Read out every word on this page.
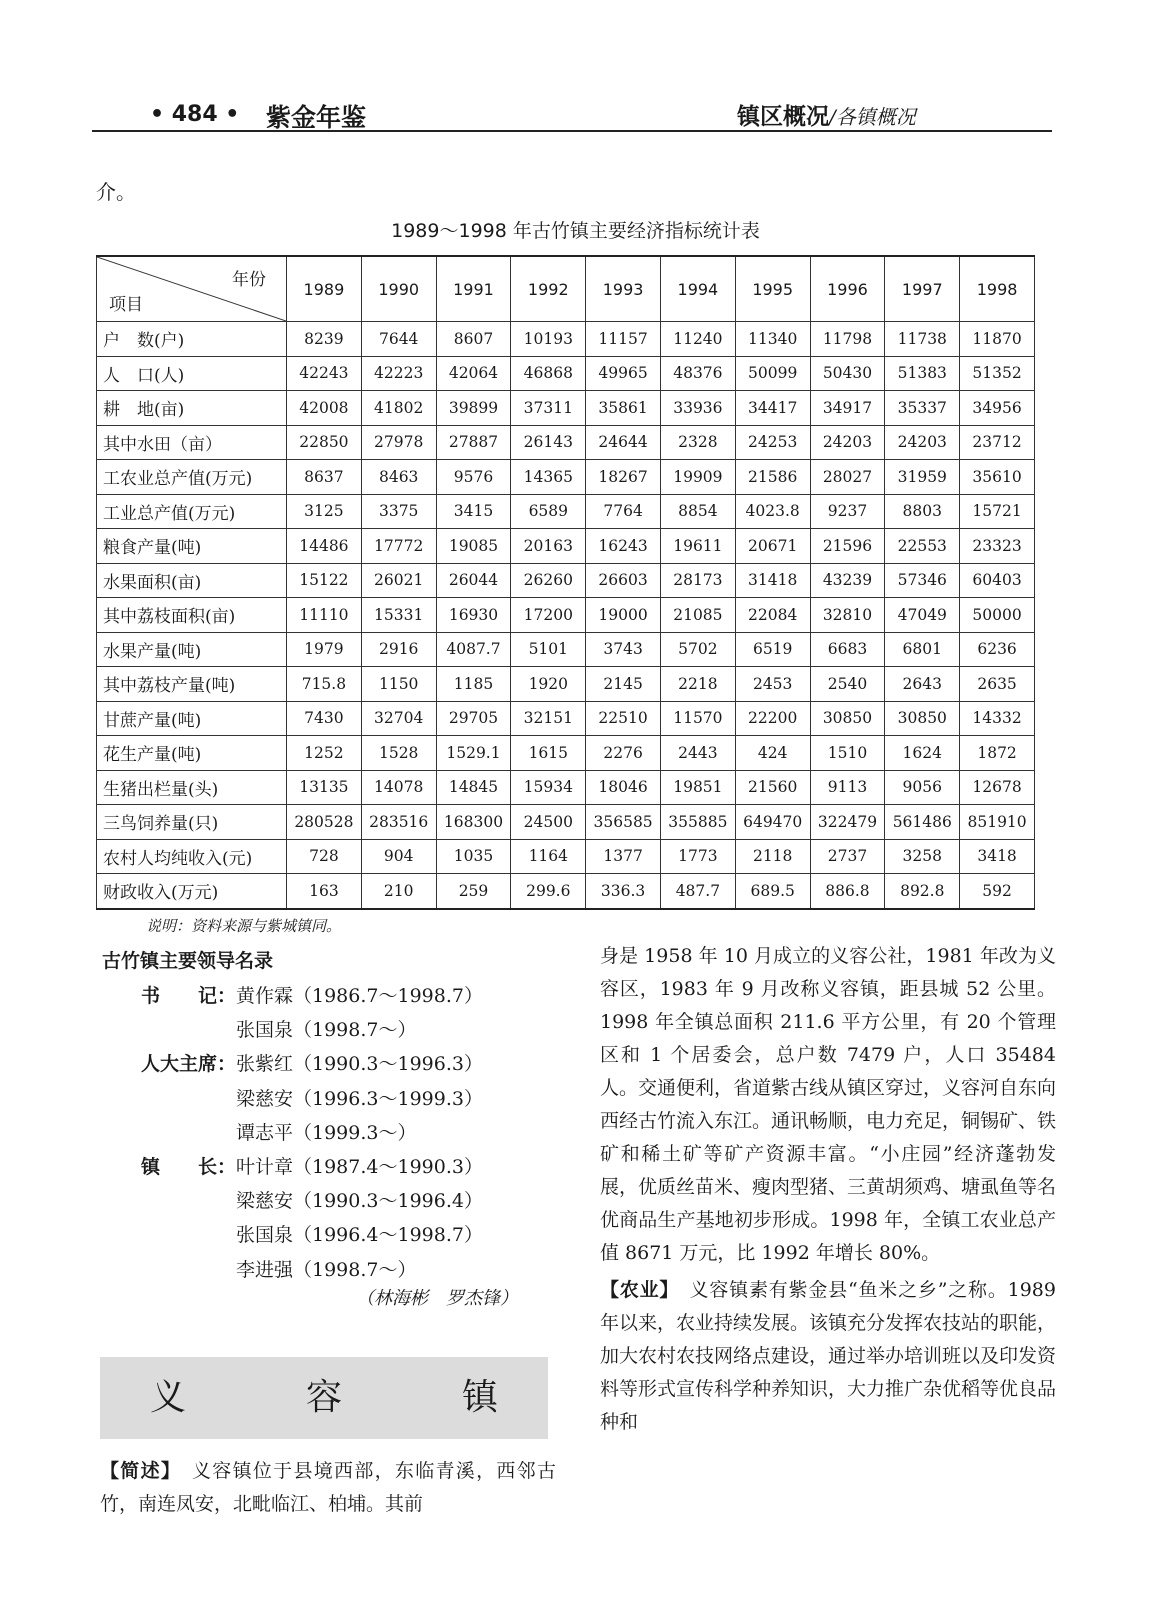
• 484 • 紫金年鉴	镇区概况/各镇概况
介。
1989～1998 年古竹镇主要经济指标统计表
年份
项目	1989	1990	1991	1992	1993	1994	1995	1996	1997	1998
户　数(户)	8239	7644	8607	10193	11157	11240	11340	11798	11738	11870
人　口(人)	42243	42223	42064	46868	49965	48376	50099	50430	51383	51352
耕　地(亩)	42008	41802	39899	37311	35861	33936	34417	34917	35337	34956
其中水田（亩）	22850	27978	27887	26143	24644	2328	24253	24203	24203	23712
工农业总产值(万元)	8637	8463	9576	14365	18267	19909	21586	28027	31959	35610
工业总产值(万元)	3125	3375	3415	6589	7764	8854	4023.8	9237	8803	15721
粮食产量(吨)	14486	17772	19085	20163	16243	19611	20671	21596	22553	23323
水果面积(亩)	15122	26021	26044	26260	26603	28173	31418	43239	57346	60403
其中荔枝面积(亩)	11110	15331	16930	17200	19000	21085	22084	32810	47049	50000
水果产量(吨)	1979	2916	4087.7	5101	3743	5702	6519	6683	6801	6236
其中荔枝产量(吨)	715.8	1150	1185	1920	2145	2218	2453	2540	2643	2635
甘蔗产量(吨)	7430	32704	29705	32151	22510	11570	22200	30850	30850	14332
花生产量(吨)	1252	1528	1529.1	1615	2276	2443	424	1510	1624	1872
生猪出栏量(头)	13135	14078	14845	15934	18046	19851	21560	9113	9056	12678
三鸟饲养量(只)	280528	283516	168300	24500	356585	355885	649470	322479	561486	851910
农村人均纯收入(元)	728	904	1035	1164	1377	1773	2118	2737	3258	3418
财政收入(万元)	163	210	259	299.6	336.3	487.7	689.5	886.8	892.8	592
说明：资料来源与紫城镇同。
古竹镇主要领导名录
书　　记： 黄作霖（1986.7～1998.7）
张国泉（1998.7～）
人大主席： 张紫红（1990.3～1996.3）
梁慈安（1996.3～1999.3）
谭志平（1999.3～）
镇　　长： 叶计章（1987.4～1990.3）
梁慈安（1990.3～1996.4）
张国泉（1996.4～1998.7）
李进强（1998.7～）
（林海彬　罗杰锋）
义　容　镇
【简述】　 义容镇位于县境西部，东临青溪，西邻古竹，南连凤安，北毗临江、柏埔。其前

身是 1958 年 10 月成立的义容公社，1981 年改为义容区，1983 年 9 月改称义容镇，距县城 52 公里。1998 年全镇总面积 211.6 平方公里，有 20 个管理区和 1 个居委会，总户数 7479 户，人口 35484 人。交通便利，省道紫古线从镇区穿过，义容河自东向西经古竹流入东江。通讯畅顺，电力充足，铜锡矿、铁矿和稀土矿等矿产资源丰富。“小庄园”经济蓬勃发展，优质丝苗米、瘦肉型猪、三黄胡须鸡、塘虱鱼等名优商品生产基地初步形成。1998 年，全镇工农业总产值 8671 万元，比 1992 年增长 80%。

【农业】　 义容镇素有紫金县“鱼米之乡”之称。1989 年以来，农业持续发展。该镇充分发挥农技站的职能，加大农村农技网络点建设，通过举办培训班以及印发资料等形式宣传科学种养知识，大力推广杂优稻等优良品种和
